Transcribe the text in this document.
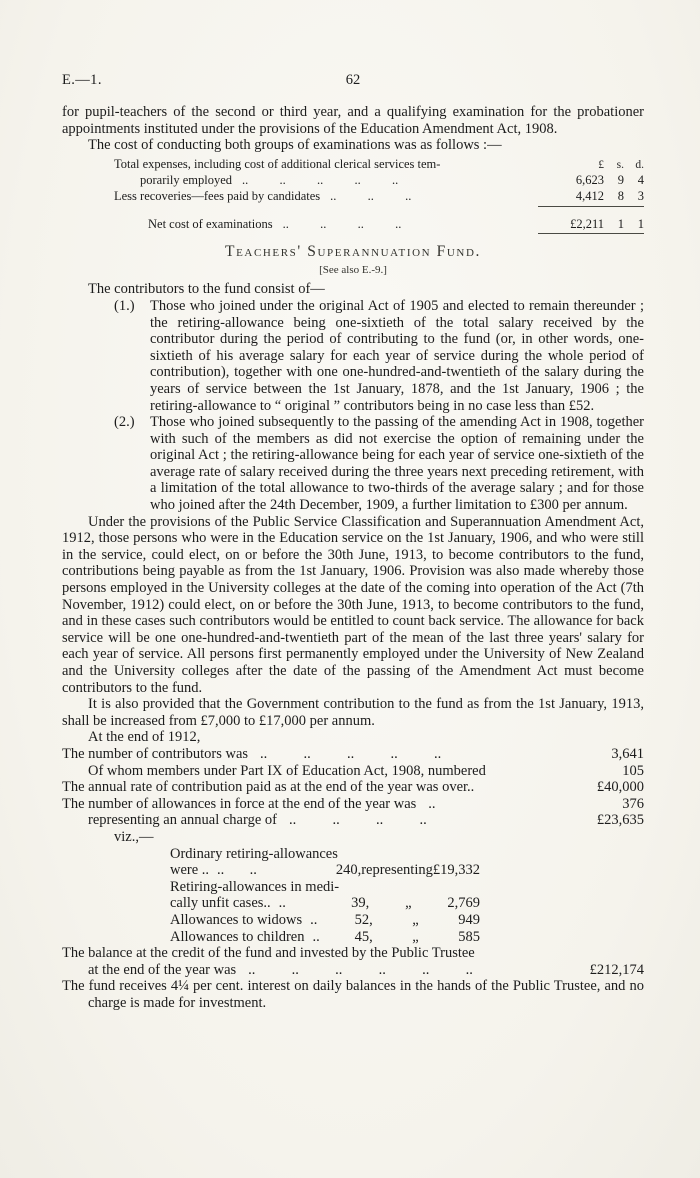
E.—1.	62

for pupil-teachers of the second or third year, and a qualifying examination for the probationer appointments instituted under the provisions of the Education Amendment Act, 1908.

The cost of conducting both groups of examinations was as follows :—

Total expenses, including cost of additional clerical services tem-	£	s. d.
porarily employed ..          ..          ..          ..          ..	6,623	9	4
Less recoveries—fees paid by candidates ..          ..          ..	4,412	8	3
Net cost of examinations ..          ..          ..          ..	£2,211	1	1
Teachers' Superannuation Fund.
[See also E.-9.]

The contributors to the fund consist of—

(1.) Those who joined under the original Act of 1905 and elected to remain thereunder ; the retiring-allowance being one-sixtieth of the total salary received by the contributor during the period of contributing to the fund (or, in other words, one-sixtieth of his average salary for each year of service during the whole period of contribution), together with one one-hundred-and-twentieth of the salary during the years of service between the 1st January, 1878, and the 1st January, 1906 ; the retiring-allowance to “ original ” contributors being in no case less than £52.
(2.) Those who joined subsequently to the passing of the amending Act in 1908, together with such of the members as did not exercise the option of remaining under the original Act ; the retiring-allowance being for each year of service one-sixtieth of the average rate of salary received during the three years next preceding retirement, with a limitation of the total allowance to two-thirds of the average salary ; and for those who joined after the 24th December, 1909, a further limitation to £300 per annum.

Under the provisions of the Public Service Classification and Superannuation Amendment Act, 1912, those persons who were in the Education service on the 1st January, 1906, and who were still in the service, could elect, on or before the 30th June, 1913, to become contributors to the fund, contributions being payable as from the 1st January, 1906. Provision was also made whereby those persons employed in the University colleges at the date of the coming into operation of the Act (7th November, 1912) could elect, on or before the 30th June, 1913, to become contributors to the fund, and in these cases such contributors would be entitled to count back service. The allowance for back service will be one one-hundred-and-twentieth part of the mean of the last three years' salary for each year of service. All persons first permanently employed under the University of New Zealand and the University colleges after the date of the passing of the Amendment Act must become contributors to the fund.

It is also provided that the Government contribution to the fund as from the 1st January, 1913, shall be increased from £7,000 to £17,000 per annum.

At the end of 1912,

The number of contributors was ..          ..          ..          ..          ..	3,641
Of whom members under Part IX of Education Act, 1908, numbered	105
The annual rate of contribution paid as at the end of the year was over..	£40,000
The number of allowances in force at the end of the year was ..	376
representing an annual charge of ..          ..          ..          ..	£23,635
viz.,—
Ordinary retiring-allowances
were .. ..       ..	240, representing £19,332
Retiring-allowances in medi-
cally unfit cases.. ..	39,	„	2,769
Allowances to widows ..	52,	„	949
Allowances to children ..	45,	„	585
The balance at the credit of the fund and invested by the Public Trustee
at the end of the year was ..          ..          ..          ..          ..          ..	£212,174

The fund receives 4¼ per cent. interest on daily balances in the hands of the Public Trustee, and no charge is made for investment.
